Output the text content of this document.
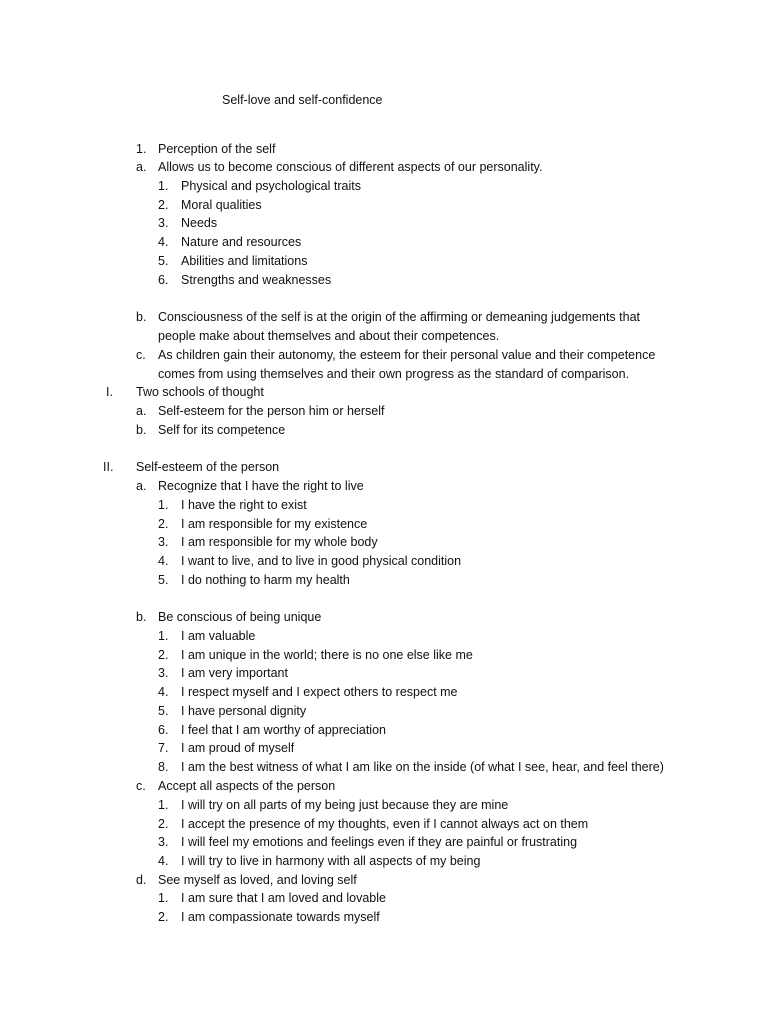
Self-love and self-confidence
1. Perception of the self
a. Allows us to become conscious of different aspects of our personality.
1. Physical and psychological traits
2. Moral qualities
3. Needs
4. Nature and resources
5. Abilities and limitations
6. Strengths and weaknesses
b. Consciousness of the self is at the origin of the affirming or demeaning judgements that
people make about themselves and about their competences.
c. As children gain their autonomy, the esteem for their personal value and their competence
comes from using themselves and their own progress as the standard of comparison.
I. Two schools of thought
a. Self-esteem for the person him or herself
b. Self for its competence
II. Self-esteem of the person
a. Recognize that I have the right to live
1. I have the right to exist
2. I am responsible for my existence
3. I am responsible for my whole body
4. I want to live, and to live in good physical condition
5. I do nothing to harm my health
b. Be conscious of being unique
1. I am valuable
2. I am unique in the world; there is no one else like me
3. I am very important
4. I respect myself and I expect others to respect me
5. I have personal dignity
6. I feel that I am worthy of appreciation
7. I am proud of myself
8. I am the best witness of what I am like on the inside (of what I see, hear, and feel there)
c. Accept all aspects of the person
1. I will try on all parts of my being just because they are mine
2. I accept the presence of my thoughts, even if I cannot always act on them
3. I will feel my emotions and feelings even if they are painful or frustrating
4. I will try to live in harmony with all aspects of my being
d. See myself as loved, and loving self
1. I am sure that I am loved and lovable
2. I am compassionate towards myself
